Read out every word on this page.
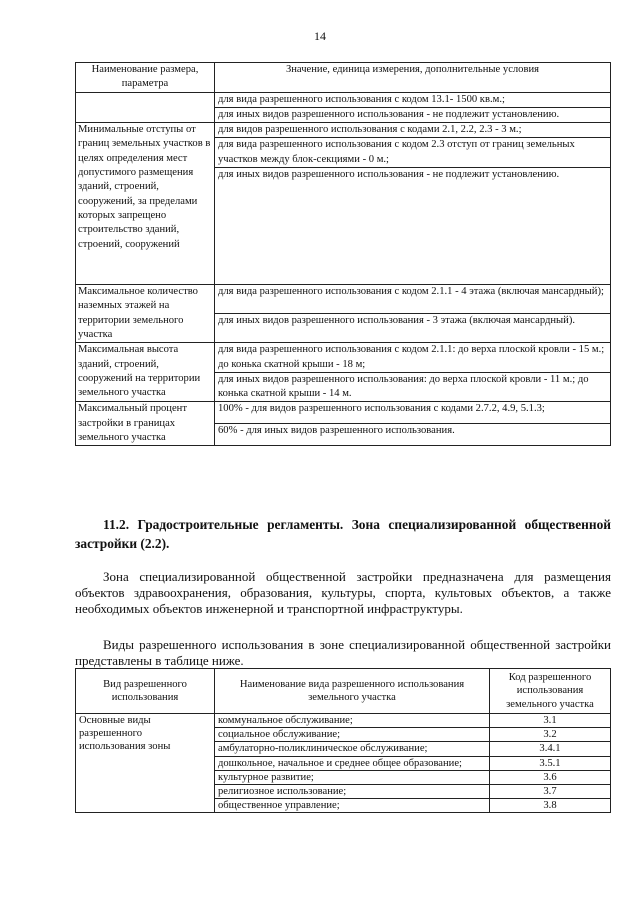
14
Наименование размера, параметра	Значение, единица измерения, дополнительные условия
	для вида разрешенного использования с кодом 13.1- 1500 кв.м.;
	для иных видов разрешенного использования - не подлежит установлению.
Минимальные отступы от границ земельных участков в целях определения мест допустимого размещения зданий, строений, сооружений, за пределами которых запрещено строительство зданий, строений, сооружений	для видов разрешенного использования с кодами 2.1, 2.2, 2.3 - 3 м.;
	для вида разрешенного использования с кодом 2.3 отступ от границ земельных участков между блок-секциями - 0 м.;
	для иных видов разрешенного использования - не подлежит установлению.
Максимальное количество наземных этажей на территории земельного участка	для вида разрешенного использования с кодом 2.1.1 - 4 этажа (включая мансардный);
	для иных видов разрешенного использования - 3 этажа (включая мансардный).
Максимальная высота зданий, строений, сооружений на территории земельного участка	для вида разрешенного использования с кодом 2.1.1: до верха плоской кровли - 15 м.; до конька скатной крыши - 18 м;
	для иных видов разрешенного использования: до верха плоской кровли - 11 м.; до конька скатной крыши - 14 м.
Максимальный процент застройки в границах земельного участка	100% - для видов разрешенного использования с кодами 2.7.2, 4.9, 5.1.3;
	60% - для иных видов разрешенного использования.
11.2. Градостроительные регламенты. Зона специализированной общественной застройки (2.2).

Зона специализированной общественной застройки предназначена для размещения объектов здравоохранения, образования, культуры, спорта, культовых объектов, а также необходимых объектов инженерной и транспортной инфраструктуры.

Виды разрешенного использования в зоне специализированной общественной застройки представлены в таблице ниже.

Вид разрешенного использования	Наименование вида разрешенного использования земельного участка	Код разрешенного использования земельного участка
Основные виды разрешенного использования зоны	коммунальное обслуживание;	3.1
	социальное обслуживание;	3.2
	амбулаторно-поликлиническое обслуживание;	3.4.1
	дошкольное, начальное и среднее общее образование;	3.5.1
	культурное развитие;	3.6
	религиозное использование;	3.7
	общественное управление;	3.8
